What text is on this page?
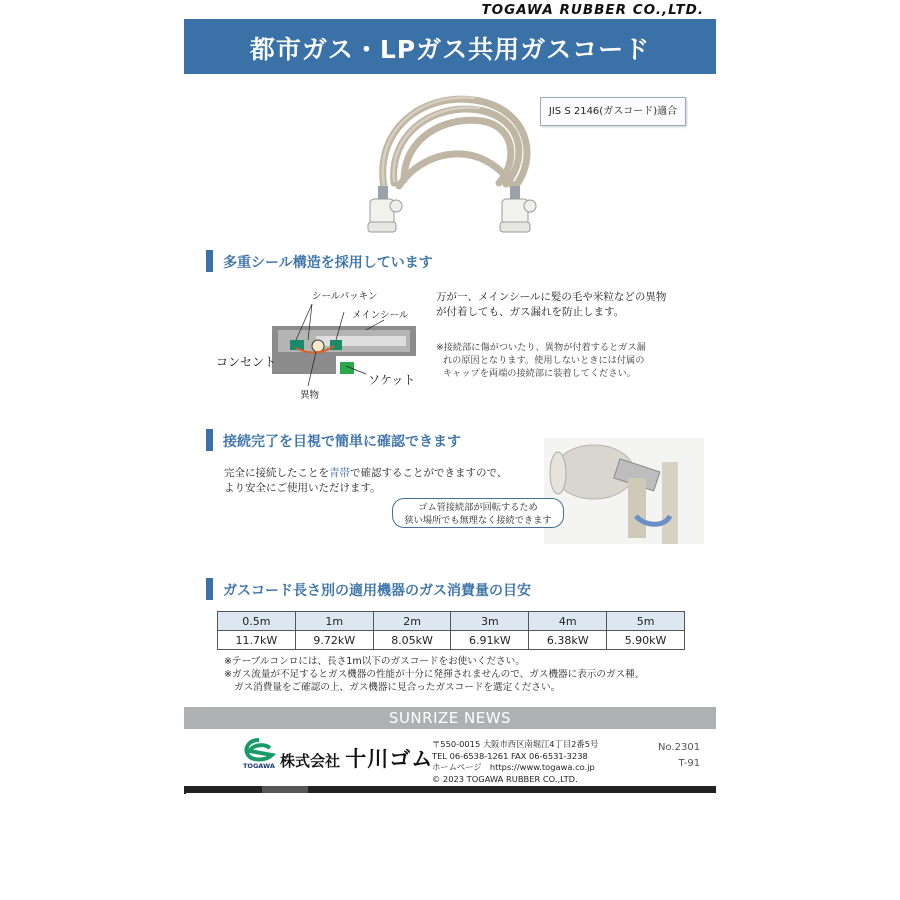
TOGAWA RUBBER CO.,LTD.
都市ガス・LPガス共用ガスコード
JIS S 2146(ガスコード)適合
多重シール構造を採用しています
シールパッキン
メインシール
コンセント
ソケット
異物
万が一、メインシールに髪の毛や米粒などの異物
が付着しても、ガス漏れを防止します。
※接続部に傷がついたり、異物が付着するとガス漏
れの原因となります。使用しないときには付属の
キャップを両端の接続部に装着してください。
接続完了を目視で簡単に確認できます
完全に接続したことを青帯で確認することができますので、
より安全にご使用いただけます。
ゴム管接続部が回転するため
狭い場所でも無理なく接続できます
ガスコード長さ別の適用機器のガス消費量の目安
0.5m	1m	2m	3m	4m	5m
11.7kW	9.72kW	8.05kW	6.91kW	6.38kW	5.90kW
※テーブルコンロには、長さ1m以下のガスコードをお使いください。
※ガス流量が不足するとガス機器の性能が十分に発揮されませんので、ガス機器に表示のガス種、
ガス消費量をご確認の上、ガス機器に見合ったガスコードを選定ください。
SUNRIZE NEWS
TOGAWA 株式会社 十川ゴム
〒550-0015 大阪市西区南堀江4丁目2番5号
TEL 06-6538-1261 FAX 06-6531-3238
ホームページ　https://www.togawa.co.jp
© 2023 TOGAWA RUBBER CO.,LTD.
No.2301
T-91
